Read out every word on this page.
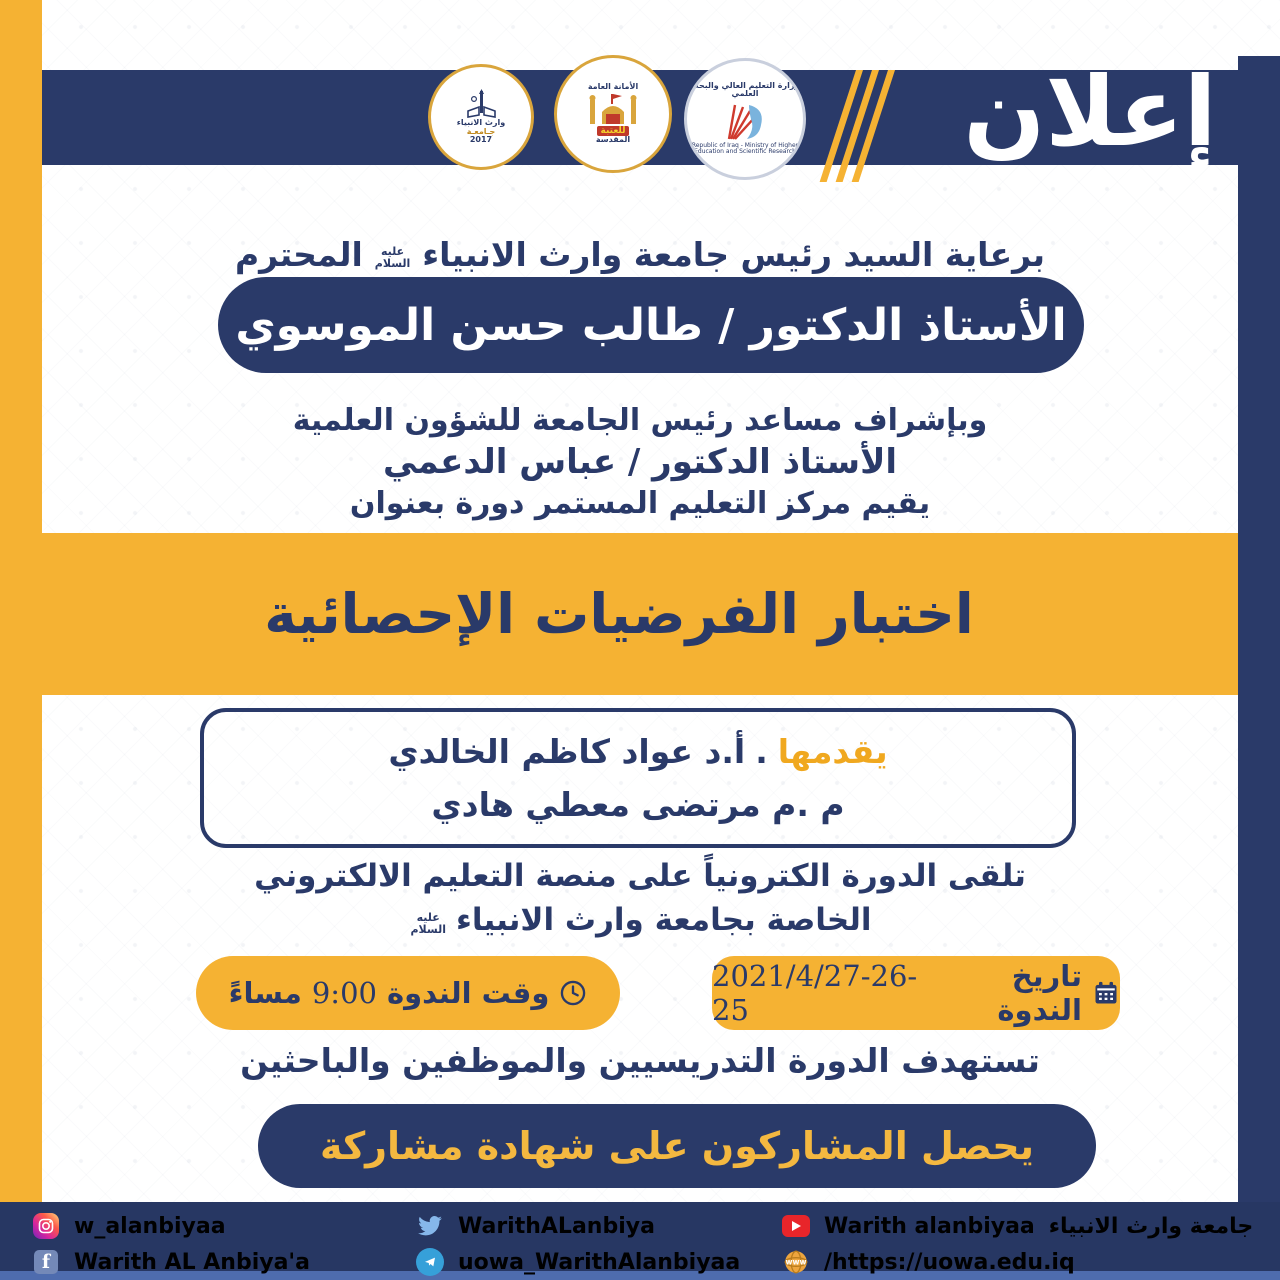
إعلان
وارث الانبياء
جـامعـة
2017
الأمانة العامة
للعتبة
المقدسة
وزارة التعليم العالي والبحث العلمي
Republic of Iraq - Ministry of Higher Education and Scientific Research
برعاية السيد رئيس جامعة وارث الانبياء
عليه
السلام
المحترم
الأستاذ الدكتور / طالب حسن الموسوي
وبإشراف مساعد رئيس الجامعة للشؤون العلمية
الأستاذ الدكتور / عباس الدعمي
يقيم مركز التعليم المستمر دورة بعنوان
اختبار الفرضيات الإحصائية
يقدمها
.
أ.د عواد كاظم الخالدي
م .م مرتضى معطي هادي
تلقى الدورة الكترونياً على منصة التعليم الالكتروني
الخاصة بجامعة وارث الانبياء
عليه
السلام
تاريخ الندوة
2021/4/27-26-25
وقت الندوة
9:00
مساءً
تستهدف الدورة التدريسيين والموظفين والباحثين
يحصل المشاركون على شهادة مشاركة
w_alanbiyaa
f	Warith AL Anbiya'a
WarithALanbiya
uowa_WarithAlanbiyaa
Warith alanbiyaa جامعة وارث الانبياء
www /https://uowa.edu.iq
